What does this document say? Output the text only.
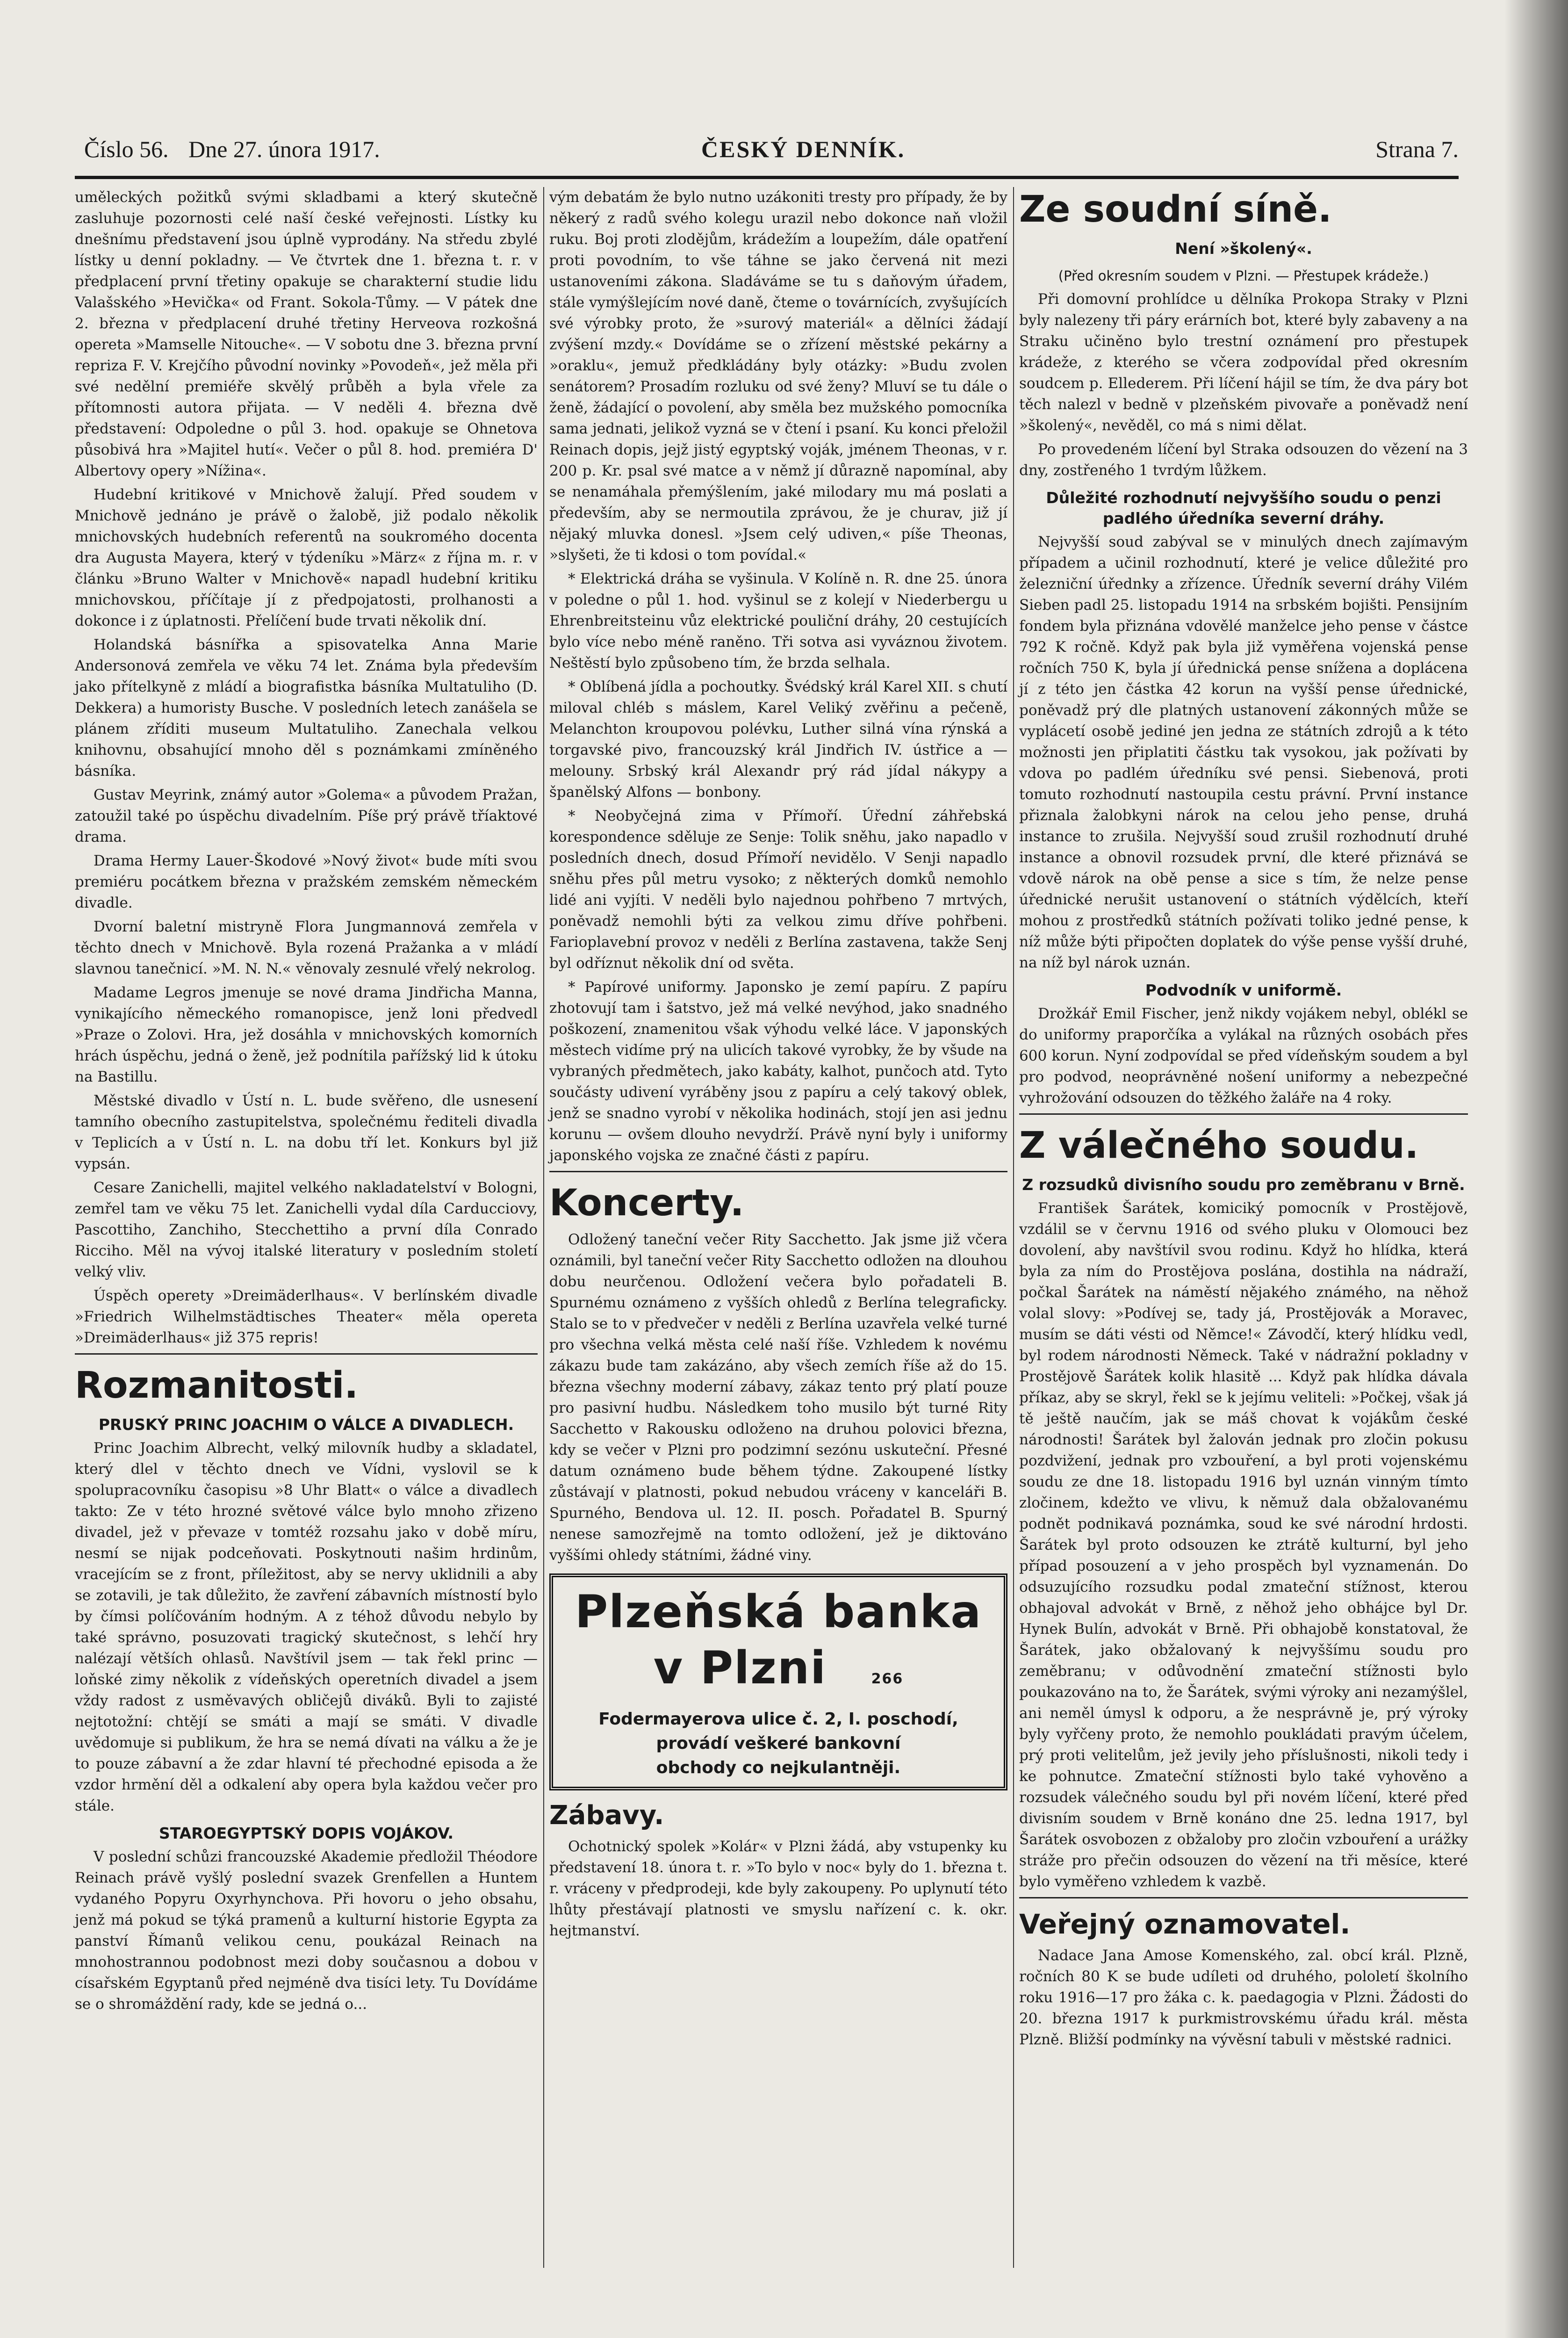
Číslo 56. Dne 27. února 1917.	ČESKÝ DENNÍK.	Strana 7.

uměleckých požitků svými skladbami a který skutečně zasluhuje pozornosti celé naší české veřejnosti. Lístky ku dnešnímu představení jsou úplně vyprodány. Na středu zbylé lístky u denní pokladny. — Ve čtvrtek dne 1. března t. r. v předplacení první třetiny opakuje se charakterní studie lidu Valašského »Hevička« od Frant. Sokola-Tůmy. — V pátek dne 2. března v předplacení druhé třetiny Herveova rozkošná opereta »Mamselle Nitouche«. — V sobotu dne 3. března první repriza F. V. Krejčího původní novinky »Povodeň«, jež měla při své nedělní premiéře skvělý průběh a byla vřele za přítomnosti autora přijata. — V neděli 4. března dvě představení: Odpoledne o půl 3. hod. opakuje se Ohnetova působivá hra »Majitel hutí«. Večer o půl 8. hod. premiéra D' Albertovy opery »Nížina«.

Hudební kritikové v Mnichově žalují. Před soudem v Mnichově jednáno je právě o žalobě, již podalo několik mnichovských hudebních referentů na soukromého docenta dra Augusta Mayera, který v týdeníku »März« z října m. r. v článku »Bruno Walter v Mnichově« napadl hudební kritiku mnichovskou, příčítaje jí z předpojatosti, prolhanosti a dokonce i z úplatnosti. Přelíčení bude trvati několik dní.

Holandská básnířka a spisovatelka Anna Marie Andersonová zemřela ve věku 74 let. Známa byla především jako přítelkyně z mládí a biografistka básníka Multatuliho (D. Dekkera) a humoristy Busche. V posledních letech zanášela se plánem zříditi museum Multatuliho. Zanechala velkou knihovnu, obsahující mnoho děl s poznámkami zmíněného básníka.

Gustav Meyrink, známý autor »Golema« a původem Pražan, zatoužil také po úspěchu divadelním. Píše prý právě tříaktové drama.

Drama Hermy Lauer-Škodové »Nový život« bude míti svou premiéru pocátkem března v pražském zemském německém divadle.

Dvorní baletní mistryně Flora Jungmannová zemřela v těchto dnech v Mnichově. Byla rozená Pražanka a v mládí slavnou tanečnicí. »M. N. N.« věnovaly zesnulé vřelý nekrolog.

Madame Legros jmenuje se nové drama Jindřicha Manna, vynikajícího německého romanopisce, jenž loni předvedl »Praze o Zolovi. Hra, jež dosáhla v mnichovských komorních hrách úspěchu, jedná o ženě, jež podnítila pařížský lid k útoku na Bastillu.

Městské divadlo v Ústí n. L. bude svěřeno, dle usnesení tamního obecního zastupitelstva, společnému řediteli divadla v Teplicích a v Ústí n. L. na dobu tří let. Konkurs byl již vypsán.

Cesare Zanichelli, majitel velkého nakladatelství v Bologni, zemřel tam ve věku 75 let. Zanichelli vydal díla Carducciovy, Pascottiho, Zanchiho, Stecchettiho a první díla Conrado Ricciho. Měl na vývoj italské literatury v posledním století velký vliv.

Úspěch operety »Dreimäderlhaus«. V berlínském divadle »Friedrich Wilhelmstädtisches Theater« měla opereta »Dreimäderlhaus« již 375 repris!

Rozmanitosti.
PRUSKÝ PRINC JOACHIM O VÁLCE A DIVADLECH.

Princ Joachim Albrecht, velký milovník hudby a skladatel, který dlel v těchto dnech ve Vídni, vyslovil se k spolupracovníku časopisu »8 Uhr Blatt« o válce a divadlech takto: Ze v této hrozné světové válce bylo mnoho zřizeno divadel, jež v převaze v tomtéž rozsahu jako v době míru, nesmí se nijak podceňovati. Poskytnouti našim hrdinům, vracejícím se z front, příležitost, aby se nervy uklidnili a aby se zotavili, je tak důležito, že zavření zábavních místností bylo by čímsi políčováním hodným. A z téhož důvodu nebylo by také správno, posuzovati tragický skutečnost, s lehčí hry nalézají větších ohlasů. Navštívil jsem — tak řekl princ — loňské zimy několik z vídeňských operetních divadel a jsem vždy radost z usměvavých obličejů diváků. Byli to zajisté nejtotožní: chtějí se smáti a mají se smáti. V divadle uvědomuje si publikum, že hra se nemá dívati na válku a že je to pouze zábavní a že zdar hlavní té přechodné episoda a že vzdor hrmění děl a odkalení aby opera byla každou večer pro stále.

STAROEGYPTSKÝ DOPIS VOJÁKOV.

V poslední schůzi francouzské Akademie předložil Théodore Reinach právě vyšlý poslední svazek Grenfellen a Huntem vydaného Popyru Oxyrhynchova. Při hovoru o jeho obsahu, jenž má pokud se týká pramenů a kulturní historie Egypta za panství Římanů velikou cenu, poukázal Reinach na mnohostrannou podobnost mezi doby současnou a dobou v císařském Egyptanů před nejméně dva tisíci lety. Tu Dovídáme se o shromáždění rady, kde se jedná o...

vým debatám že bylo nutno uzákoniti tresty pro případy, že by někerý z radů svého kolegu urazil nebo dokonce naň vložil ruku. Boj proti zlodějům, krádežím a loupežím, dále opatření proti povodním, to vše táhne se jako červená nit mezi ustanoveními zákona. Sladáváme se tu s daňovým úřadem, stále vymýšlejícím nové daně, čteme o továrnících, zvyšujících své výrobky proto, že »surový materiál« a dělníci žádají zvýšení mzdy.« Dovídáme se o zřízení městské pekárny a »oraklu«, jemuž předkládány byly otázky: »Budu zvolen senátorem? Prosadím rozluku od své ženy? Mluví se tu dále o ženě, žádající o povolení, aby směla bez mužského pomocníka sama jednati, jelikož vyzná se v čtení i psaní. Ku konci přeložil Reinach dopis, jejž jistý egyptský voják, jménem Theonas, v r. 200 p. Kr. psal své matce a v němž jí důrazně napomínal, aby se nenamáhala přemýšlením, jaké milodary mu má poslati a především, aby se nermoutila zprávou, že je churav, již jí nějaký mluvka donesl. »Jsem celý udiven,« píše Theonas, »slyšeti, že ti kdosi o tom povídal.«

* Elektrická dráha se vyšinula. V Kolíně n. R. dne 25. února v poledne o půl 1. hod. vyšinul se z kolejí v Niederbergu u Ehrenbreitsteinu vůz elektrické pouliční dráhy, 20 cestujících bylo více nebo méně raněno. Tři sotva asi vyváznou životem. Neštěstí bylo způsobeno tím, že brzda selhala.

* Oblíbená jídla a pochoutky. Švédský král Karel XII. s chutí miloval chléb s máslem, Karel Veliký zvěřinu a pečeně, Melanchton kroupovou polévku, Luther silná vína rýnská a torgavské pivo, francouzský král Jindřich IV. ústřice a — melouny. Srbský král Alexandr prý rád jídal nákypy a španělský Alfons — bonbony.

* Neobyčejná zima v Přímoří. Úřední záhřebská korespondence sděluje ze Senje: Tolik sněhu, jako napadlo v posledních dnech, dosud Přímoří nevidělo. V Senji napadlo sněhu přes půl metru vysoko; z některých domků nemohlo lidé ani vyjíti. V neděli bylo najednou pohřbeno 7 mrtvých, poněvadž nemohli býti za velkou zimu dříve pohřbeni. Farioplavební provoz v neděli z Berlína zastavena, takže Senj byl odříznut několik dní od světa.

* Papírové uniformy. Japonsko je zemí papíru. Z papíru zhotovují tam i šatstvo, jež má velké nevýhod, jako snadného poškození, znamenitou však výhodu velké láce. V japonských městech vidíme prý na ulicích takové vyrobky, že by všude na vybraných předmětech, jako kabáty, kalhot, punčoch atd. Tyto součásty udivení vyráběny jsou z papíru a celý takový oblek, jenž se snadno vyrobí v několika hodinách, stojí jen asi jednu korunu — ovšem dlouho nevydrží. Právě nyní byly i uniformy japonského vojska ze značné části z papíru.

Koncerty.

Odložený taneční večer Rity Sacchetto. Jak jsme již včera oznámili, byl taneční večer Rity Sacchetto odložen na dlouhou dobu neurčenou. Odložení večera bylo pořadateli B. Spurnému oznámeno z vyšších ohledů z Berlína telegraficky. Stalo se to v předvečer v neděli z Berlína uzavřela velké turné pro všechna velká města celé naší říše. Vzhledem k novému zákazu bude tam zakázáno, aby všech zemích říše až do 15. března všechny moderní zábavy, zákaz tento prý platí pouze pro pasivní hudbu. Následkem toho musilo být turné Rity Sacchetto v Rakousku odloženo na druhou polovici března, kdy se večer v Plzni pro podzimní sezónu uskuteční. Přesné datum oznámeno bude během týdne. Zakoupené lístky zůstávají v platnosti, pokud nebudou vráceny v kanceláři B. Spurného, Bendova ul. 12. II. posch. Pořadatel B. Spurný nenese samozřejmě na tomto odložení, jež je diktováno vyššími ohledy státními, žádné viny.

Plzeňská banka
v Plzni	266
Fodermayerova ulice č. 2, I. poschodí,
provádí veškeré bankovní
obchody co nejkulantněji.
Zábavy.

Ochotnický spolek »Kolár« v Plzni žádá, aby vstupenky ku představení 18. února t. r. »To bylo v noc« byly do 1. března t. r. vráceny v předprodeji, kde byly zakoupeny. Po uplynutí této lhůty přestávají platnosti ve smyslu nařízení c. k. okr. hejtmanství.

Ze soudní síně.
Není »školený«.
(Před okresním soudem v Plzni. — Přestupek krádeže.)

Při domovní prohlídce u dělníka Prokopa Straky v Plzni byly nalezeny tři páry erárních bot, které byly zabaveny a na Straku učiněno bylo trestní oznámení pro přestupek krádeže, z kterého se včera zodpovídal před okresním soudcem p. Ellederem. Při líčení hájil se tím, že dva páry bot těch nalezl v bedně v plzeňském pivovaře a poněvadž není »školený«, nevěděl, co má s nimi dělat.

Po provedeném líčení byl Straka odsouzen do vězení na 3 dny, zostřeného 1 tvrdým lůžkem.

Důležité rozhodnutí nejvyššího soudu o penzi padlého úředníka severní dráhy.

Nejvyšší soud zabýval se v minulých dnech zajímavým případem a učinil rozhodnutí, které je velice důležité pro železniční úřednky a zřízence. Úředník severní dráhy Vilém Sieben padl 25. listopadu 1914 na srbském bojišti. Pensijním fondem byla přiznána vdovělé manželce jeho pense v částce 792 K ročně. Když pak byla již vyměřena vojenská pense ročních 750 K, byla jí úřednická pense snížena a doplácena jí z této jen částka 42 korun na vyšší pense úřednické, poněvadž prý dle platných ustanovení zákonných může se vyplácetí osobě jediné jen jedna ze státních zdrojů a k této možnosti jen připlatiti částku tak vysokou, jak požívati by vdova po padlém úředníku své pensi. Siebenová, proti tomuto rozhodnutí nastoupila cestu právní. První instance přiznala žalobkyni nárok na celou jeho pense, druhá instance to zrušila. Nejvyšší soud zrušil rozhodnutí druhé instance a obnovil rozsudek první, dle které přiznává se vdově nárok na obě pense a sice s tím, že nelze pense úřednické nerušit ustanovení o státních výdělcích, kteří mohou z prostředků státních požívati toliko jedné pense, k níž může býti připočten doplatek do výše pense vyšší druhé, na níž byl nárok uznán.

Podvodník v uniformě.

Drožkář Emil Fischer, jenž nikdy vojákem nebyl, oblékl se do uniformy praporčíka a vylákal na různých osobách přes 600 korun. Nyní zodpovídal se před vídeňským soudem a byl pro podvod, neoprávněné nošení uniformy a nebezpečné vyhrožování odsouzen do těžkého žaláře na 4 roky.

Z válečného soudu.
Z rozsudků divisního soudu pro zeměbranu v Brně.

František Šarátek, komiciký pomocník v Prostějově, vzdálil se v červnu 1916 od svého pluku v Olomouci bez dovolení, aby navštívil svou rodinu. Když ho hlídka, která byla za ním do Prostějova poslána, dostihla na nádraží, počkal Šarátek na náměstí nějakého známého, na něhož volal slovy: »Podívej se, tady já, Prostějovák a Moravec, musím se dáti vésti od Němce!« Závodčí, který hlídku vedl, byl rodem národnosti Německ. Také v nádražní pokladny v Prostějově Šarátek kolik hlasitě ... Když pak hlídka dávala příkaz, aby se skryl, řekl se k jejímu veliteli: »Počkej, však já tě ještě naučím, jak se máš chovat k vojákům české národnosti! Šarátek byl žalován jednak pro zločin pokusu pozdvižení, jednak pro vzbouření, a byl proti vojenskému soudu ze dne 18. listopadu 1916 byl uznán vinným tímto zločinem, kdežto ve vlivu, k němuž dala obžalovanému podnět podnikavá poznámka, soud ke své národní hrdosti. Šarátek byl proto odsouzen ke ztrátě kulturní, byl jeho případ posouzení a v jeho prospěch byl vyznamenán. Do odsuzujícího rozsudku podal zmateční stížnost, kterou obhajoval advokát v Brně, z něhož jeho obhájce byl Dr. Hynek Bulín, advokát v Brně. Při obhajobě konstatoval, že Šarátek, jako obžalovaný k nejvyššímu soudu pro zeměbranu; v odůvodnění zmateční stížnosti bylo poukazováno na to, že Šarátek, svými výroky ani nezamýšlel, ani neměl úmysl k odporu, a že nesprávně je, prý výroky byly vyřčeny proto, že nemohlo poukládati pravým účelem, prý proti velitelům, jež jevily jeho příslušnosti, nikoli tedy i ke pohnutce. Zmateční stížnosti bylo také vyhověno a rozsudek válečného soudu byl při novém líčení, které před divisním soudem v Brně konáno dne 25. ledna 1917, byl Šarátek osvobozen z obžaloby pro zločin vzbouření a urážky stráže pro přečin odsouzen do vězení na tři měsíce, které bylo vyměřeno vzhledem k vazbě.

Veřejný oznamovatel.

Nadace Jana Amose Komenského, zal. obcí král. Plzně, ročních 80 K se bude udíleti od druhého, pololetí školního roku 1916—17 pro žáka c. k. paedagogia v Plzni. Žádosti do 20. března 1917 k purkmistrovskému úřadu král. města Plzně. Bližší podmínky na vývěsní tabuli v městské radnici.
